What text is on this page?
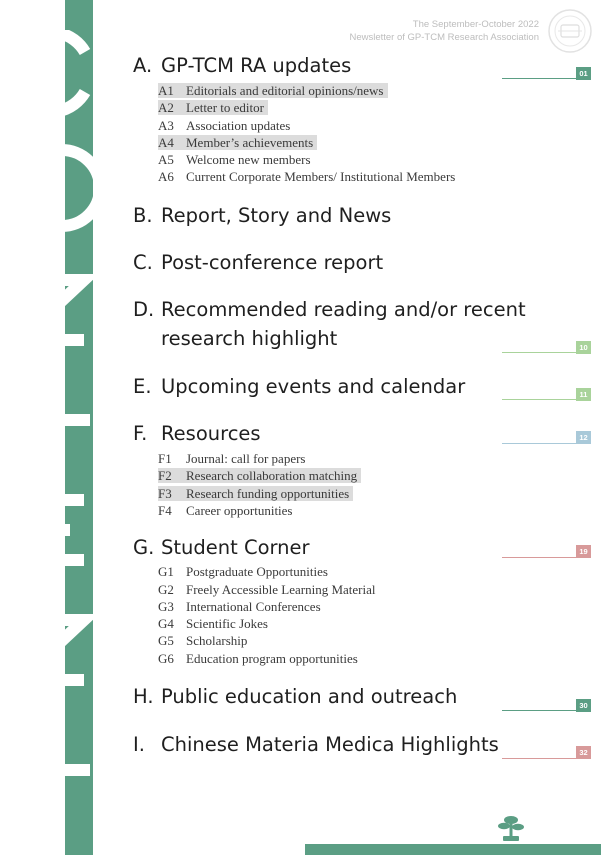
The September-October 2022
Newsletter of GP-TCM Research Association
A. GP-TCM RA updates	01
A1 Editorials and editorial opinions/news
A2 Letter to editor
A3 Association updates
A4 Member’s achievements
A5 Welcome new members
A6 Current Corporate Members/ Institutional Members
B. Report, Story and News
C. Post-conference report
D. Recommended reading and/or recent
research highlight	10
E. Upcoming events and calendar	11
F. Resources	12
F1 Journal: call for papers
F2 Research collaboration matching
F3 Research funding opportunities
F4 Career opportunities
G. Student Corner	19
G1 Postgraduate Opportunities
G2 Freely Accessible Learning Material
G3 International Conferences
G4 Scientific Jokes
G5 Scholarship
G6 Education program opportunities
H. Public education and outreach	30
I. Chinese Materia Medica Highlights	32
